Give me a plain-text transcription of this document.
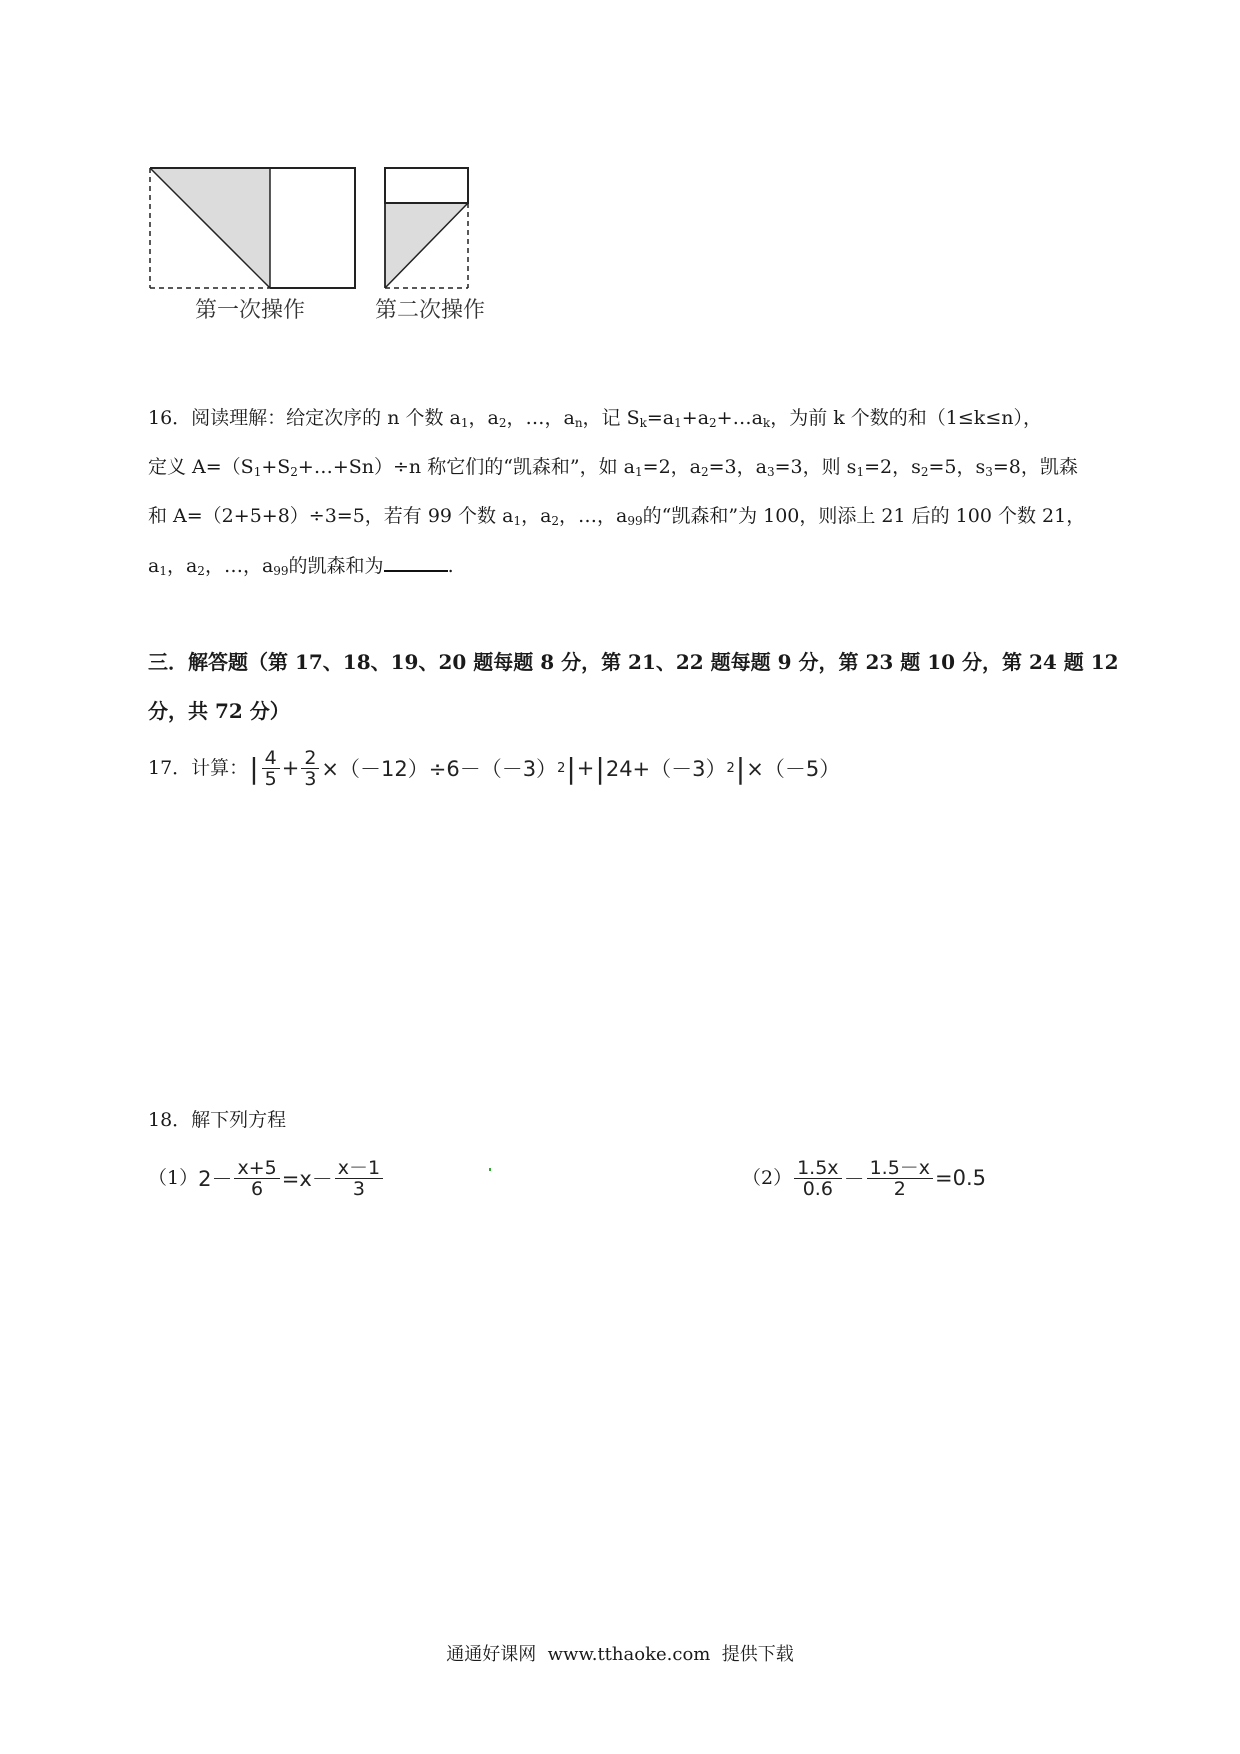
第一次操作	第二次操作
16．阅读理解：给定次序的 n 个数 $a_1$，$a_2$，…，$a_n$，记 $S_k=a_1+a_2+\dots a_k$，为前 k 个数的和（1≤k≤n），
定义 $A=(S_1+S_2+\dots+Sn)\div n$ 称它们的“凯森和”，如 $a_1=2$，$a_2=3$，$a_3=3$，则 $s_1=2$，$s_2=5$，$s_3=8$，凯森
和 A=（2+5+8）÷3=5，若有 99 个数 $a_1$，$a_2$，…，$a_{99}$的“凯森和”为 100，则添上 21 后的 100 个数 21，
$a_1$，$a_2$，…，$a_{99}$的凯森和为	.
三．解答题（第 17、18、19、20 题每题 8 分，第 21、22 题每题 9 分，第 23 题 10 分，第 24 题 12
分，共 72 分）
17．计算： | $\frac{4}{5} + \frac{2}{3} \times(-12)\div 6-(-3)$ 2 | + | 24+（－3） 2 | ×（－5）
18．解下列方程
（1） $2- \frac{x+5}{6} =x- \frac{x-1}{3}$	$(2) \frac{1.5x}{0.6} - \frac{1.5-x}{2} =0.5$
通通好课网  www.tthaoke.com  提供下载
